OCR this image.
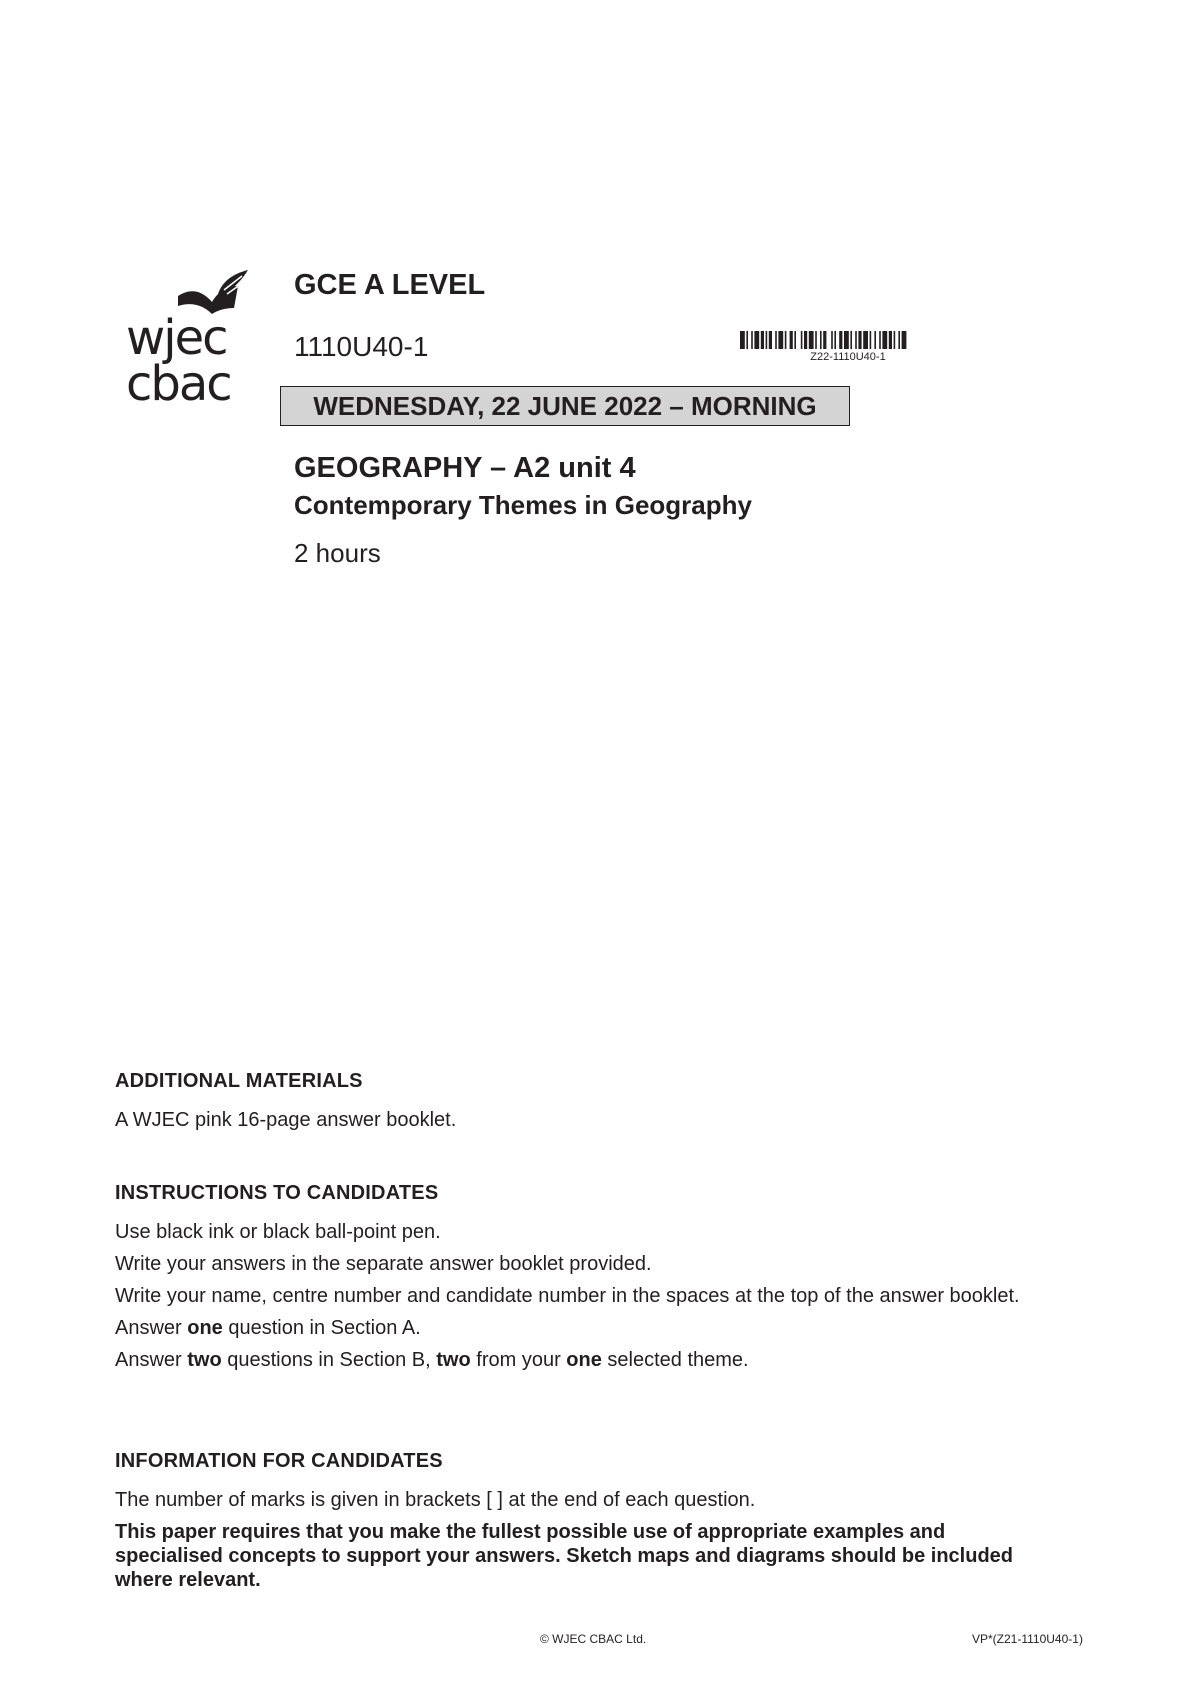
wjec
cbac
GCE A LEVEL
1110U40-1	Z22-1110U40-1
WEDNESDAY, 22 JUNE 2022 – MORNING
GEOGRAPHY – A2 unit 4
Contemporary Themes in Geography
2 hours
ADDITIONAL MATERIALS
A WJEC pink 16-page answer booklet.
INSTRUCTIONS TO CANDIDATES
Use black ink or black ball-point pen.
Write your answers in the separate answer booklet provided.
Write your name, centre number and candidate number in the spaces at the top of the answer booklet.
Answer one question in Section A.
Answer two questions in Section B, two from your one selected theme.
INFORMATION FOR CANDIDATES
The number of marks is given in brackets [ ] at the end of each question.
This paper requires that you make the fullest possible use of appropriate examples and specialised concepts to support your answers. Sketch maps and diagrams should be included where relevant.
© WJEC CBAC Ltd.	VP*(Z21-1110U40-1)
